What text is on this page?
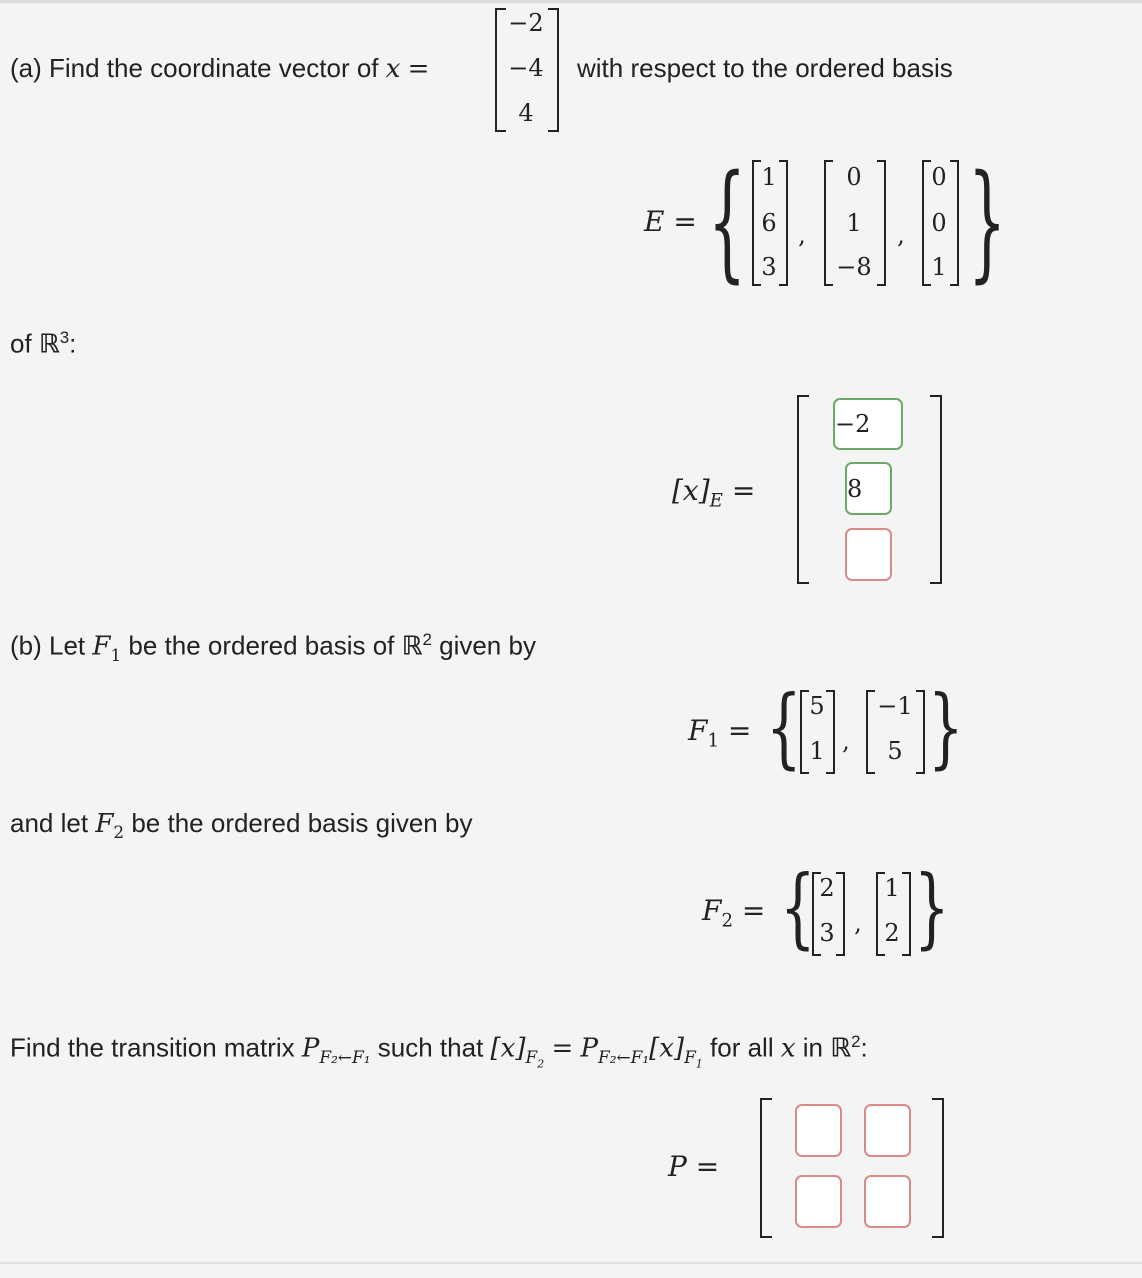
(a) Find the coordinate vector of x =
−2
−4
4
with respect to the ordered basis
E = { 1
6
3
,
0
1
−8
,
0
0
1 }
of ℝ$^3$:
$[x]_E$ =
−2
8
(b) Let $F_1$ be the ordered basis of ℝ$^2$ given by
$F_1$ = { 5
1 ,
−1
5 }
and let $F_2$ be the ordered basis given by
$F_2$ = { 2
3 ,
1
2 }
Find the transition matrix $P_{F_2\leftarrow F_1}$ such that $[x]_{F_2} = P_{F_2\leftarrow F_1}[x]_{F_1}$ for all x in ℝ$^2$:
P =
